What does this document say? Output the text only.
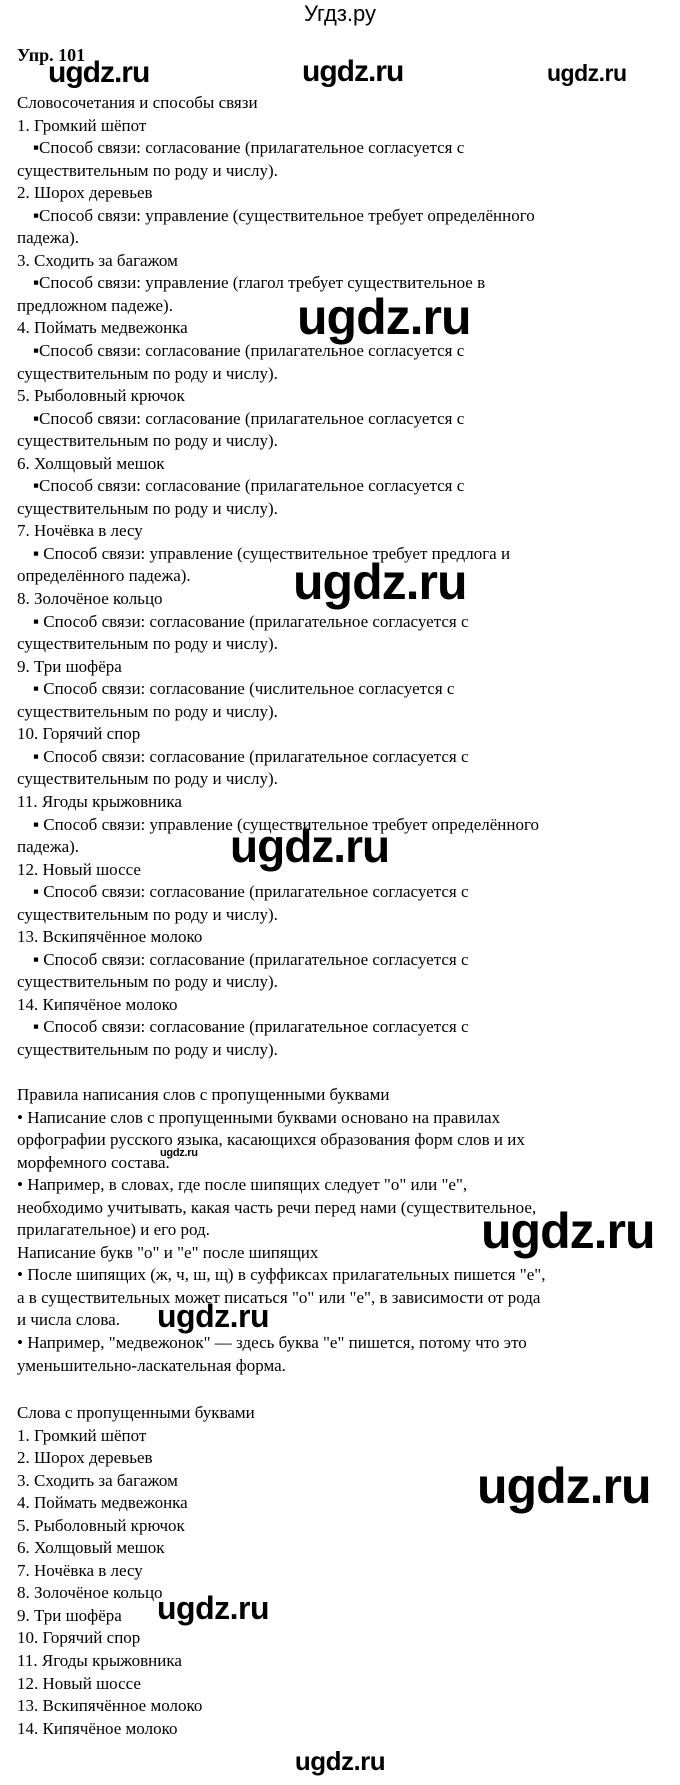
Угдз.ру
Упр. 101
ugdz.ru	ugdz.ru	ugdz.ru
ugdz.ru
ugdz.ru
ugdz.ru
ugdz.ru
ugdz.ru
ugdz.ru
ugdz.ru
ugdz.ru
ugdz.ru
Словосочетания и способы связи
1. Громкий шёпот
▪Способ связи: согласование (прилагательное согласуется с
существительным по роду и числу).
2. Шорох деревьев
▪Способ связи: управление (существительное требует определённого
падежа).
3. Сходить за багажом
▪Способ связи: управление (глагол требует существительное в
предложном падеже).
4. Поймать медвежонка
▪Способ связи: согласование (прилагательное согласуется с
существительным по роду и числу).
5. Рыболовный крючок
▪Способ связи: согласование (прилагательное согласуется с
существительным по роду и числу).
6. Холщовый мешок
▪Способ связи: согласование (прилагательное согласуется с
существительным по роду и числу).
7. Ночёвка в лесу
▪ Способ связи: управление (существительное требует предлога и
определённого падежа).
8. Золочёное кольцо
▪ Способ связи: согласование (прилагательное согласуется с
существительным по роду и числу).
9. Три шофёра
▪ Способ связи: согласование (числительное согласуется с
существительным по роду и числу).
10. Горячий спор
▪ Способ связи: согласование (прилагательное согласуется с
существительным по роду и числу).
11. Ягоды крыжовника
▪ Способ связи: управление (существительное требует определённого
падежа).
12. Новый шоссе
▪ Способ связи: согласование (прилагательное согласуется с
существительным по роду и числу).
13. Вскипячённое молоко
▪ Способ связи: согласование (прилагательное согласуется с
существительным по роду и числу).
14. Кипячёное молоко
▪ Способ связи: согласование (прилагательное согласуется с
существительным по роду и числу).
Правила написания слов с пропущенными буквами
• Написание слов с пропущенными буквами основано на правилах
орфографии русского языка, касающихся образования форм слов и их
морфемного состава.
• Например, в словах, где после шипящих следует "о" или "е",
необходимо учитывать, какая часть речи перед нами (существительное,
прилагательное) и его род.
Написание букв "о" и "е" после шипящих
• После шипящих (ж, ч, ш, щ) в суффиксах прилагательных пишется "е",
а в существительных может писаться "о" или "е", в зависимости от рода
и числа слова.
• Например, "медвежонок" — здесь буква "е" пишется, потому что это
уменьшительно-ласкательная форма.
Слова с пропущенными буквами
1. Громкий шёпот
2. Шорох деревьев
3. Сходить за багажом
4. Поймать медвежонка
5. Рыболовный крючок
6. Холщовый мешок
7. Ночёвка в лесу
8. Золочёное кольцо
9. Три шофёра
10. Горячий спор
11. Ягоды крыжовника
12. Новый шоссе
13. Вскипячённое молоко
14. Кипячёное молоко
